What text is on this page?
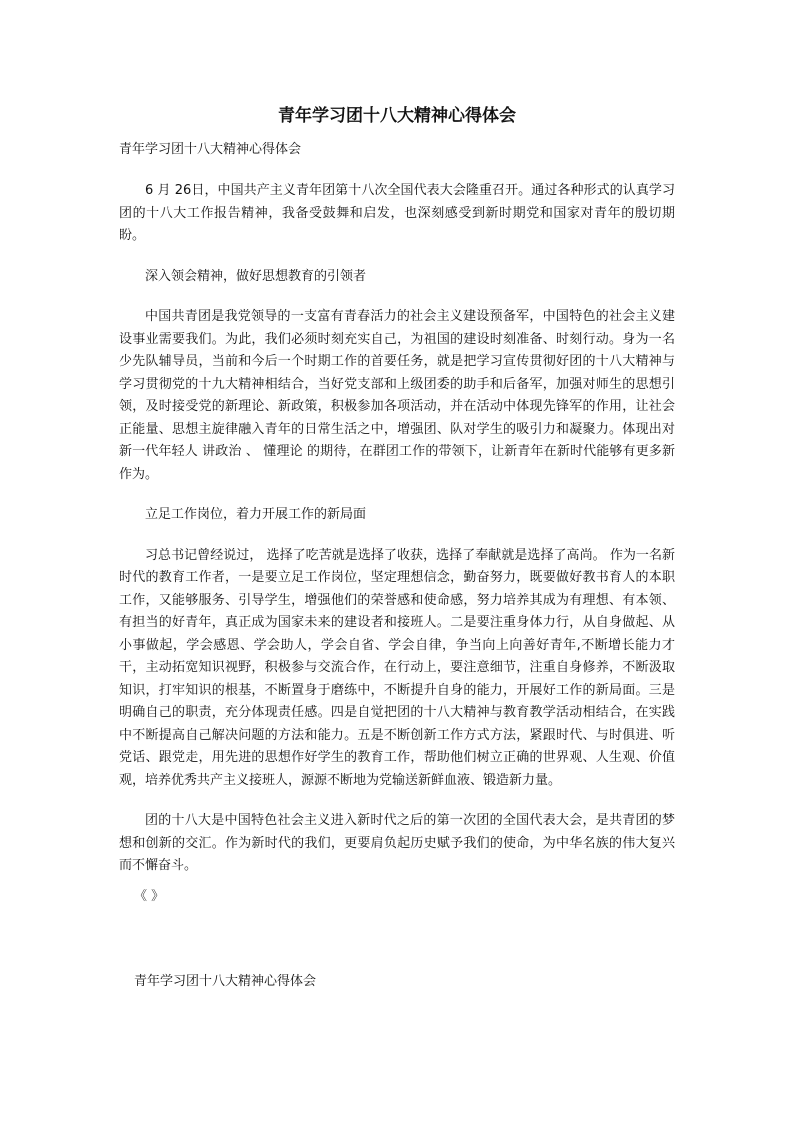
青年学习团十八大精神心得体会

青年学习团十八大精神心得体会

6 月 26日，中国共产主义青年团第十八次全国代表大会隆重召开。通过各种形式的认真学习团的十八大工作报告精神，我备受鼓舞和启发，也深刻感受到新时期党和国家对青年的殷切期盼。

深入领会精神，做好思想教育的引领者

中国共青团是我党领导的一支富有青春活力的社会主义建设预备军，中国特色的社会主义建设事业需要我们。为此，我们必须时刻充实自己，为祖国的建设时刻准备、时刻行动。身为一名少先队辅导员，当前和今后一个时期工作的首要任务，就是把学习宣传贯彻好团的十八大精神与学习贯彻党的十九大精神相结合，当好党支部和上级团委的助手和后备军，加强对师生的思想引领，及时接受党的新理论、新政策，积极参加各项活动，并在活动中体现先锋军的作用，让社会正能量、思想主旋律融入青年的日常生活之中，增强团、队对学生的吸引力和凝聚力。体现出对新一代年轻人 讲政治 、 懂理论 的期待，在群团工作的带领下，让新青年在新时代能够有更多新作为。

立足工作岗位，着力开展工作的新局面

习总书记曾经说过， 选择了吃苦就是选择了收获，选择了奉献就是选择了高尚。 作为一名新时代的教育工作者，一是要立足工作岗位，坚定理想信念，勤奋努力，既要做好教书育人的本职工作，又能够服务、引导学生，增强他们的荣誉感和使命感，努力培养其成为有理想、有本领、有担当的好青年，真正成为国家未来的建设者和接班人。二是要注重身体力行，从自身做起、从小事做起，学会感恩、学会助人，学会自省、学会自律，争当向上向善好青年,不断增长能力才干，主动拓宽知识视野，积极参与交流合作，在行动上，要注意细节，注重自身修养，不断汲取知识，打牢知识的根基，不断置身于磨练中，不断提升自身的能力，开展好工作的新局面。三是明确自己的职责，充分体现责任感。四是自觉把团的十八大精神与教育教学活动相结合，在实践中不断提高自己解决问题的方法和能力。五是不断创新工作方式方法，紧跟时代、与时俱进、听党话、跟党走，用先进的思想作好学生的教育工作，帮助他们树立正确的世界观、人生观、价值观，培养优秀共产主义接班人，源源不断地为党输送新鲜血液、锻造新力量。

团的十八大是中国特色社会主义进入新时代之后的第一次团的全国代表大会，是共青团的梦想和创新的交汇。作为新时代的我们，更要肩负起历史赋予我们的使命，为中华名族的伟大复兴而不懈奋斗。

《 》

青年学习团十八大精神心得体会
